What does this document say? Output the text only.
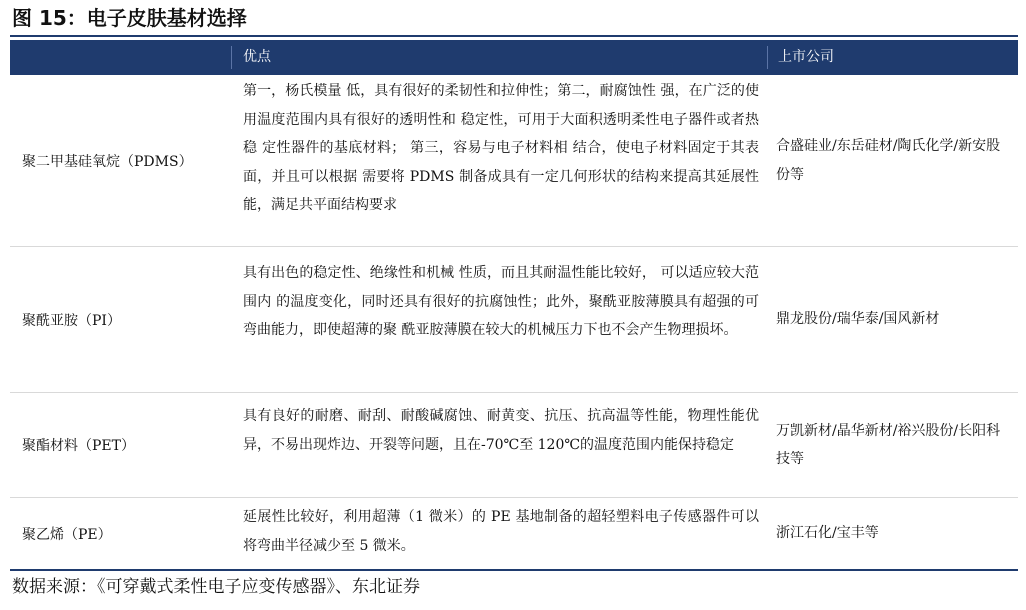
图 15：电子皮肤基材选择
优点	上市公司
聚二甲基硅氧烷（PDMS）
第一，杨氏模量 低，具有很好的柔韧性和拉伸性；第二，耐腐蚀性 强，在广泛的使用温度范围内具有很好的透明性和 稳定性，可用于大面积透明柔性电子器件或者热稳 定性器件的基底材料； 第三，容易与电子材料相 结合，使电子材料固定于其表面，并且可以根据 需要将 PDMS 制备成具有一定几何形状的结构来提高其延展性能，满足共平面结构要求
合盛硅业/东岳硅材/陶氏化学/新安股份等
聚酰亚胺（PI）
具有出色的稳定性、绝缘性和机械 性质，而且其耐温性能比较好， 可以适应较大范围内 的温度变化，同时还具有很好的抗腐蚀性；此外，聚酰亚胺薄膜具有超强的可弯曲能力，即使超薄的聚 酰亚胺薄膜在较大的机械压力下也不会产生物理损坏。
鼎龙股份/瑞华泰/国风新材
聚酯材料（PET）
具有良好的耐磨、耐刮、耐酸碱腐蚀、耐黄变、抗压、抗高温等性能，物理性能优异，不易出现炸边、开裂等问题，且在-70℃至 120℃的温度范围内能保持稳定
万凯新材/晶华新材/裕兴股份/长阳科技等
聚乙烯（PE）
延展性比较好，利用超薄（1 微米）的 PE 基地制备的超轻塑料电子传感器件可以将弯曲半径减少至 5 微米。
浙江石化/宝丰等
数据来源：《可穿戴式柔性电子应变传感器》、东北证券
